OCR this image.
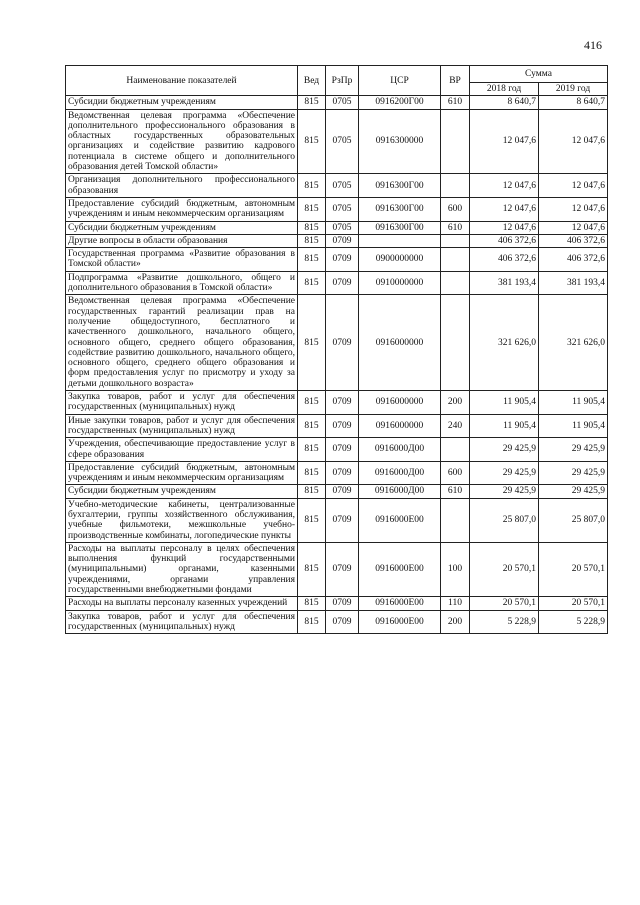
416
Наименование показателей	Вед	РзПр	ЦСР	ВР	Сумма	
					2018 год	2019 год
Субсидии бюджетным учреждениям	815	0705	0916200Г00	610	8 640,7	8 640,7
Ведомственная целевая программа «Обеспечение дополнительного профессионального образования в областных государственных образовательных организациях и содействие развитию кадрового потенциала в системе общего и дополнительного образования детей Томской области»	815	0705	0916300000		12 047,6	12 047,6
Организация дополнительного профессионального образования	815	0705	0916300Г00		12 047,6	12 047,6
Предоставление субсидий бюджетным, автономным учреждениям и иным некоммерческим организациям	815	0705	0916300Г00	600	12 047,6	12 047,6
Субсидии бюджетным учреждениям	815	0705	0916300Г00	610	12 047,6	12 047,6
Другие вопросы в области образования	815	0709			406 372,6	406 372,6
Государственная программа «Развитие образования в Томской области»	815	0709	0900000000		406 372,6	406 372,6
Подпрограмма «Развитие дошкольного, общего и дополнительного образования в Томской области»	815	0709	0910000000		381 193,4	381 193,4
Ведомственная целевая программа «Обеспечение государственных гарантий реализации прав на получение общедоступного, бесплатного и качественного дошкольного, начального общего, основного общего, среднего общего образования, содействие развитию дошкольного, начального общего, основного общего, среднего общего образования и форм предоставления услуг по присмотру и уходу за детьми дошкольного возраста»	815	0709	0916000000		321 626,0	321 626,0
Закупка товаров, работ и услуг для обеспечения государственных (муниципальных) нужд	815	0709	0916000000	200	11 905,4	11 905,4
Иные закупки товаров, работ и услуг для обеспечения государственных (муниципальных) нужд	815	0709	0916000000	240	11 905,4	11 905,4
Учреждения, обеспечивающие предоставление услуг в сфере образования	815	0709	0916000Д00		29 425,9	29 425,9
Предоставление субсидий бюджетным, автономным учреждениям и иным некоммерческим организациям	815	0709	0916000Д00	600	29 425,9	29 425,9
Субсидии бюджетным учреждениям	815	0709	0916000Д00	610	29 425,9	29 425,9
Учебно-методические кабинеты, централизованные бухгалтерии, группы хозяйственного обслуживания, учебные фильмотеки, межшкольные учебно-производственные комбинаты, логопедические пункты	815	0709	0916000Е00		25 807,0	25 807,0
Расходы на выплаты персоналу в целях обеспечения выполнения функций государственными (муниципальными) органами, казенными учреждениями, органами управления государственными внебюджетными фондами	815	0709	0916000Е00	100	20 570,1	20 570,1
Расходы на выплаты персоналу казенных учреждений	815	0709	0916000Е00	110	20 570,1	20 570,1
Закупка товаров, работ и услуг для обеспечения государственных (муниципальных) нужд	815	0709	0916000Е00	200	5 228,9	5 228,9
